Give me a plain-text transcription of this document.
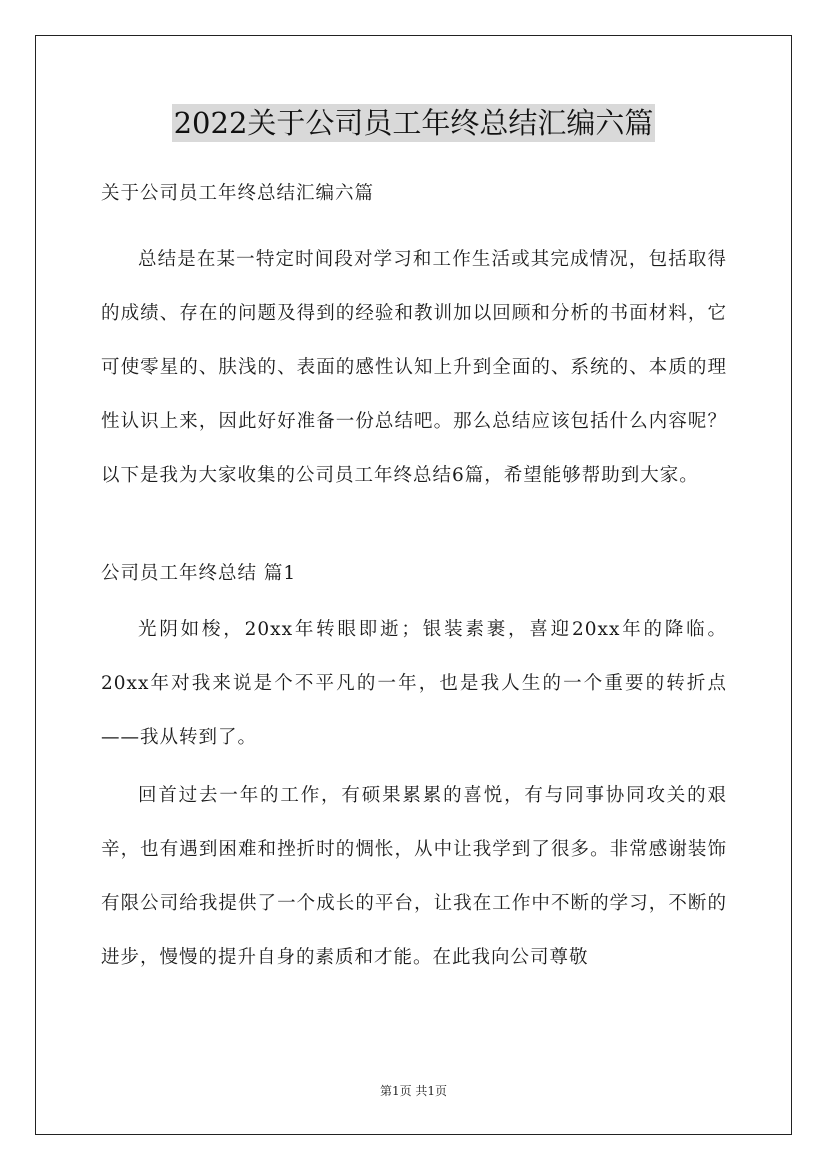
2022关于公司员工年终总结汇编六篇

关于公司员工年终总结汇编六篇

总结是在某一特定时间段对学习和工作生活或其完成情况，包括取得的成绩、存在的问题及得到的经验和教训加以回顾和分析的书面材料，它可使零星的、肤浅的、表面的感性认知上升到全面的、系统的、本质的理性认识上来，因此好好准备一份总结吧。那么总结应该包括什么内容呢？以下是我为大家收集的公司员工年终总结6篇，希望能够帮助到大家。

公司员工年终总结 篇1

光阴如梭，20xx年转眼即逝；银装素裹，喜迎20xx年的降临。20xx年对我来说是个不平凡的一年，也是我人生的一个重要的转折点——我从转到了。

回首过去一年的工作，有硕果累累的喜悦，有与同事协同攻关的艰辛，也有遇到困难和挫折时的惆怅，从中让我学到了很多。非常感谢装饰有限公司给我提供了一个成长的平台，让我在工作中不断的学习，不断的进步，慢慢的提升自身的素质和才能。在此我向公司尊敬

第1页 共1页
